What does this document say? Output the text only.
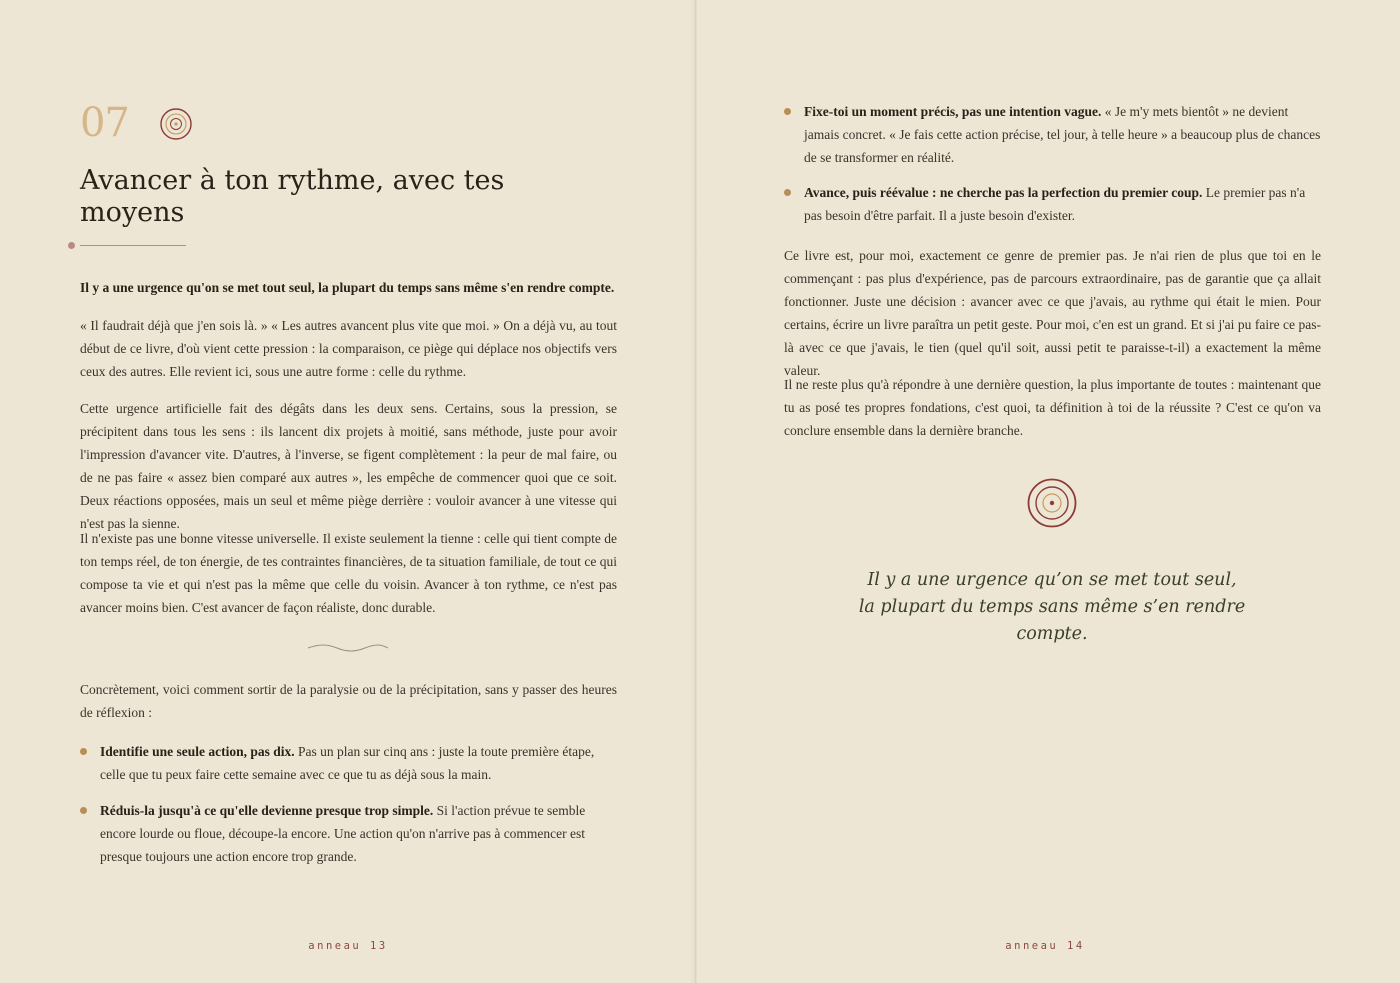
07
Avancer à ton rythme, avec tes moyens

Il y a une urgence qu'on se met tout seul, la plupart du temps sans même s'en rendre compte.

« Il faudrait déjà que j'en sois là. » « Les autres avancent plus vite que moi. » On a déjà vu, au tout début de ce livre, d'où vient cette pression : la comparaison, ce piège qui déplace nos objectifs vers ceux des autres. Elle revient ici, sous une autre forme : celle du rythme.

Cette urgence artificielle fait des dégâts dans les deux sens. Certains, sous la pression, se précipitent dans tous les sens : ils lancent dix projets à moitié, sans méthode, juste pour avoir l'impression d'avancer vite. D'autres, à l'inverse, se figent complètement : la peur de mal faire, ou de ne pas faire « assez bien comparé aux autres », les empêche de commencer quoi que ce soit. Deux réactions opposées, mais un seul et même piège derrière : vouloir avancer à une vitesse qui n'est pas la sienne.

Il n'existe pas une bonne vitesse universelle. Il existe seulement la tienne : celle qui tient compte de ton temps réel, de ton énergie, de tes contraintes financières, de ta situation familiale, de tout ce qui compose ta vie et qui n'est pas la même que celle du voisin. Avancer à ton rythme, ce n'est pas avancer moins bien. C'est avancer de façon réaliste, donc durable.

Concrètement, voici comment sortir de la paralysie ou de la précipitation, sans y passer des heures de réflexion :

Identifie une seule action, pas dix. Pas un plan sur cinq ans : juste la toute première étape, celle que tu peux faire cette semaine avec ce que tu as déjà sous la main.
Réduis-la jusqu'à ce qu'elle devienne presque trop simple. Si l'action prévue te semble encore lourde ou floue, découpe-la encore. Une action qu'on n'arrive pas à commencer est presque toujours une action encore trop grande.
anneau 13
Fixe-toi un moment précis, pas une intention vague. « Je m'y mets bientôt » ne devient jamais concret. « Je fais cette action précise, tel jour, à telle heure » a beaucoup plus de chances de se transformer en réalité.
Avance, puis réévalue : ne cherche pas la perfection du premier coup. Le premier pas n'a pas besoin d'être parfait. Il a juste besoin d'exister.

Ce livre est, pour moi, exactement ce genre de premier pas. Je n'ai rien de plus que toi en le commençant : pas plus d'expérience, pas de parcours extraordinaire, pas de garantie que ça allait fonctionner. Juste une décision : avancer avec ce que j'avais, au rythme qui était le mien. Pour certains, écrire un livre paraîtra un petit geste. Pour moi, c'en est un grand. Et si j'ai pu faire ce pas-là avec ce que j'avais, le tien (quel qu'il soit, aussi petit te paraisse-t-il) a exactement la même valeur.

Il ne reste plus qu'à répondre à une dernière question, la plus importante de toutes : maintenant que tu as posé tes propres fondations, c'est quoi, ta définition à toi de la réussite ? C'est ce qu'on va conclure ensemble dans la dernière branche.

Il y a une urgence qu’on se met tout seul, la plupart du temps sans même s’en rendre compte.

anneau 14
